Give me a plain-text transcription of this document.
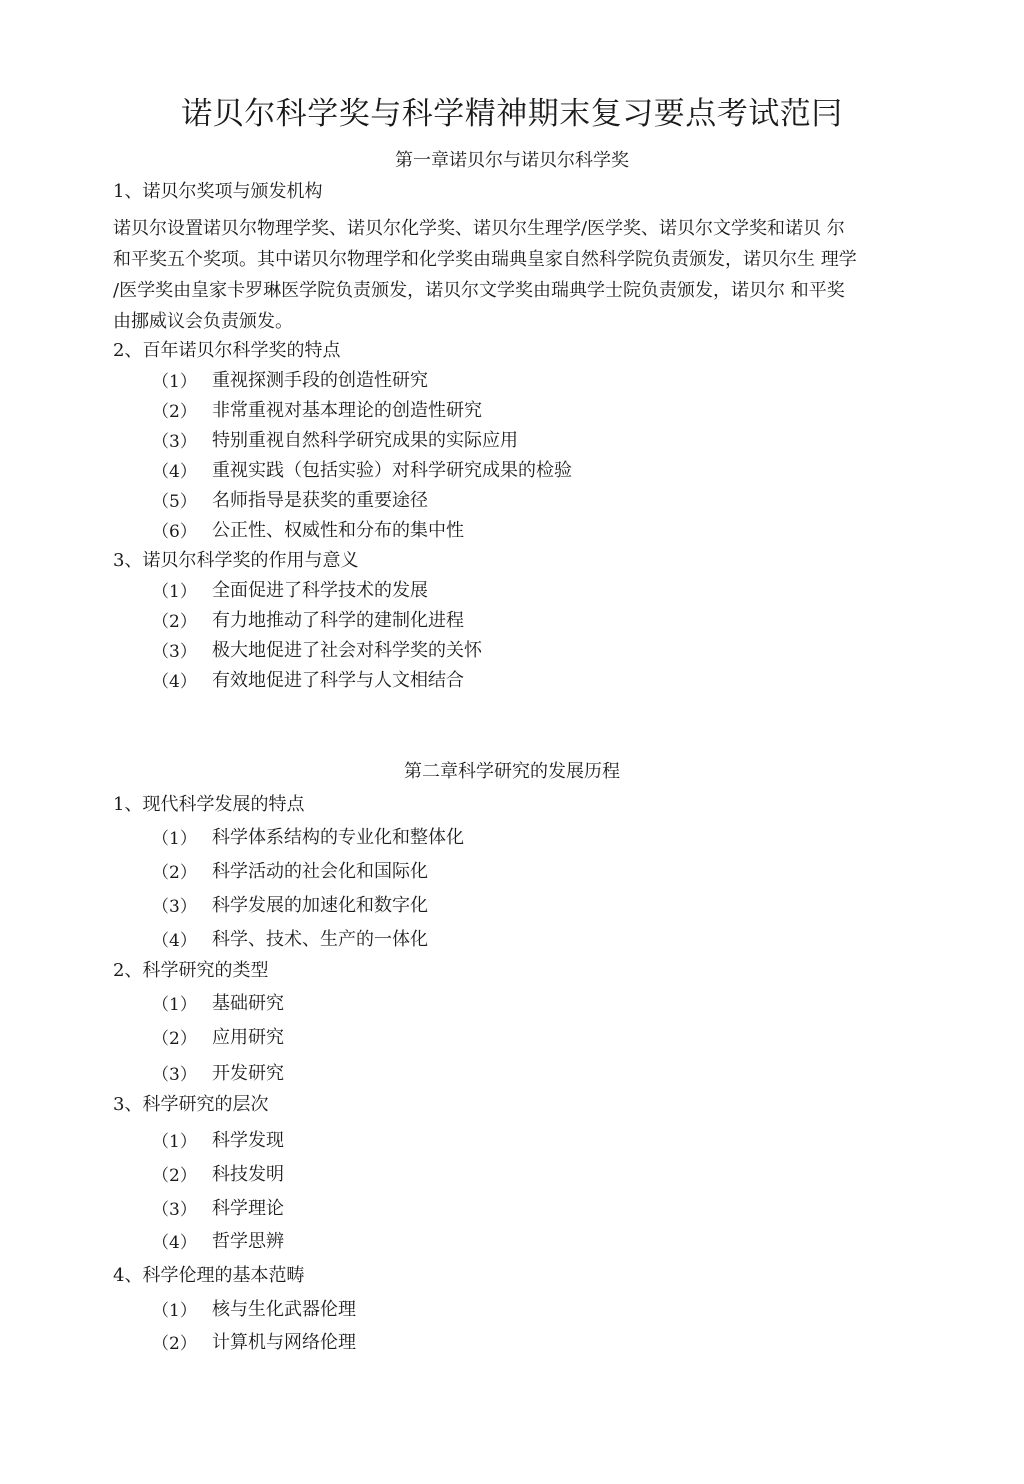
诺贝尔科学奖与科学精神期末复习要点考试范冃
第一章诺贝尔与诺贝尔科学奖
1、诺贝尔奖项与颁发机构
诺贝尔设置诺贝尔物理学奖、诺贝尔化学奖、诺贝尔生理学/医学奖、诺贝尔文学奖和诺贝 尔
和平奖五个奖项。其中诺贝尔物理学和化学奖由瑞典皇家自然科学院负责颁发，诺贝尔生 理学
/医学奖由皇家卡罗琳医学院负责颁发，诺贝尔文学奖由瑞典学士院负责颁发，诺贝尔 和平奖
由挪威议会负责颁发。
2、百年诺贝尔科学奖的特点
（1） 重视探测手段的创造性研究
（2） 非常重视对基本理论的创造性研究
（3） 特别重视自然科学研究成果的实际应用
（4） 重视实践（包括实验）对科学研究成果的检验
（5） 名师指导是获奖的重要途径
（6） 公正性、权威性和分布的集中性
3、诺贝尔科学奖的作用与意义
（1） 全面促进了科学技术的发展
（2） 有力地推动了科学的建制化进程
（3） 极大地促进了社会对科学奖的关怀
（4） 有效地促进了科学与人文相结合
第二章科学研究的发展历程
1、现代科学发展的特点
（1） 科学体系结构的专业化和整体化
（2） 科学活动的社会化和国际化
（3） 科学发展的加速化和数字化
（4） 科学、技术、生产的一体化
2、科学研究的类型
（1） 基础研究
（2） 应用研究
（3） 开发研究
3、科学研究的层次
（1） 科学发现
（2） 科技发明
（3） 科学理论
（4） 哲学思辨
4、科学伦理的基本范畴
（1） 核与生化武器伦理
（2） 计算机与网络伦理
